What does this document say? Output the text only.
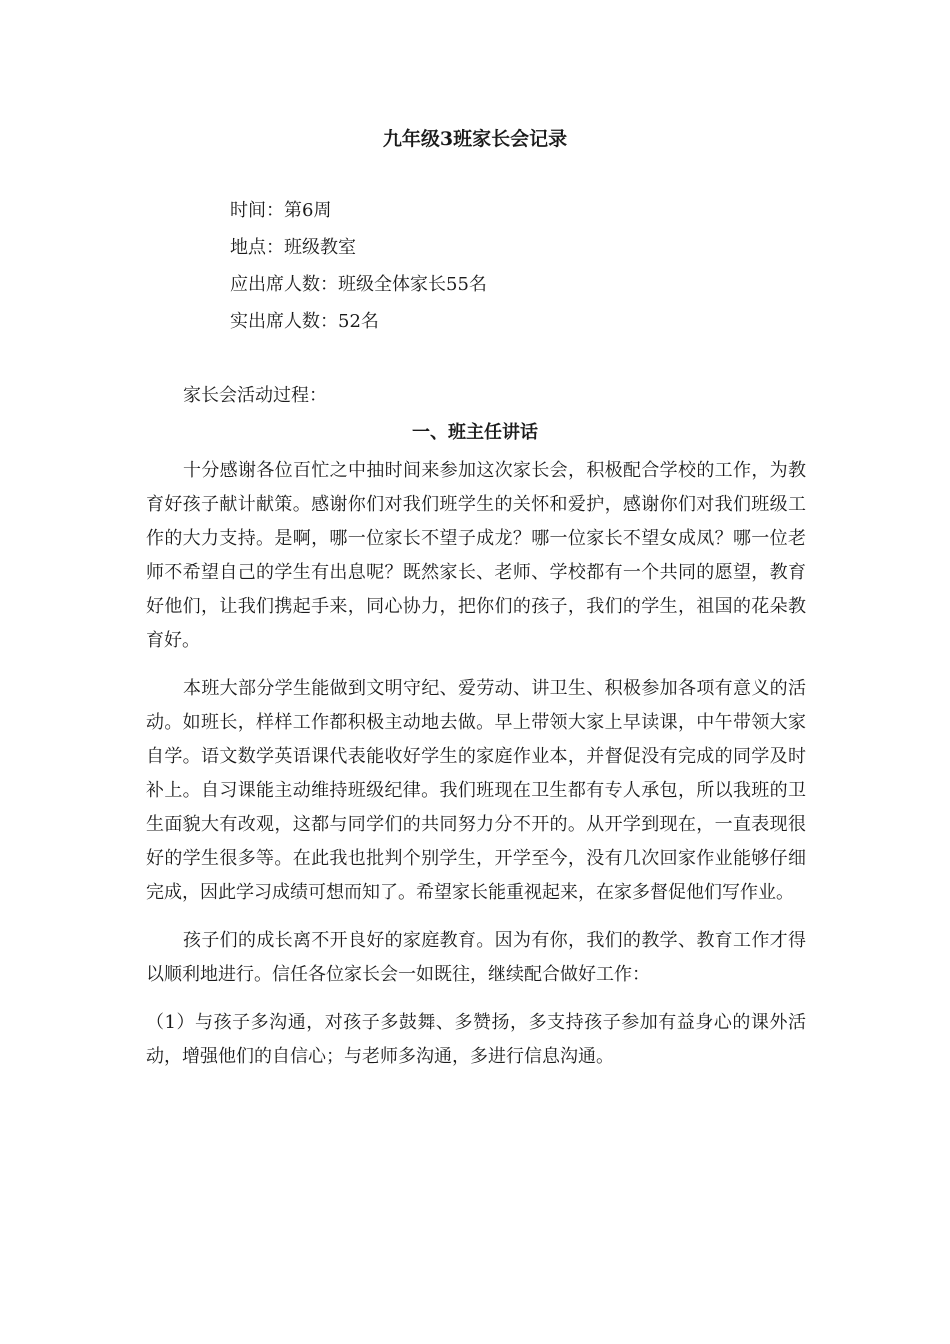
九年级3班家长会记录
时间：第6周
地点：班级教室
应出席人数：班级全体家长55名
实出席人数：52名
家长会活动过程：
一、班主任讲话

十分感谢各位百忙之中抽时间来参加这次家长会，积极配合学校的工作，为教育好孩子献计献策。感谢你们对我们班学生的关怀和爱护，感谢你们对我们班级工作的大力支持。是啊，哪一位家长不望子成龙？哪一位家长不望女成凤？哪一位老师不希望自己的学生有出息呢？既然家长、老师、学校都有一个共同的愿望，教育好他们，让我们携起手来，同心协力，把你们的孩子，我们的学生，祖国的花朵教育好。

本班大部分学生能做到文明守纪、爱劳动、讲卫生、积极参加各项有意义的活动。如班长，样样工作都积极主动地去做。早上带领大家上早读课，中午带领大家自学。语文数学英语课代表能收好学生的家庭作业本，并督促没有完成的同学及时补上。自习课能主动维持班级纪律。我们班现在卫生都有专人承包，所以我班的卫生面貌大有改观，这都与同学们的共同努力分不开的。从开学到现在，一直表现很好的学生很多等。在此我也批判个别学生，开学至今，没有几次回家作业能够仔细完成，因此学习成绩可想而知了。希望家长能重视起来，在家多督促他们写作业。

孩子们的成长离不开良好的家庭教育。因为有你，我们的教学、教育工作才得以顺利地进行。信任各位家长会一如既往，继续配合做好工作：

（1）与孩子多沟通，对孩子多鼓舞、多赞扬，多支持孩子参加有益身心的课外活动，增强他们的自信心；与老师多沟通，多进行信息沟通。
